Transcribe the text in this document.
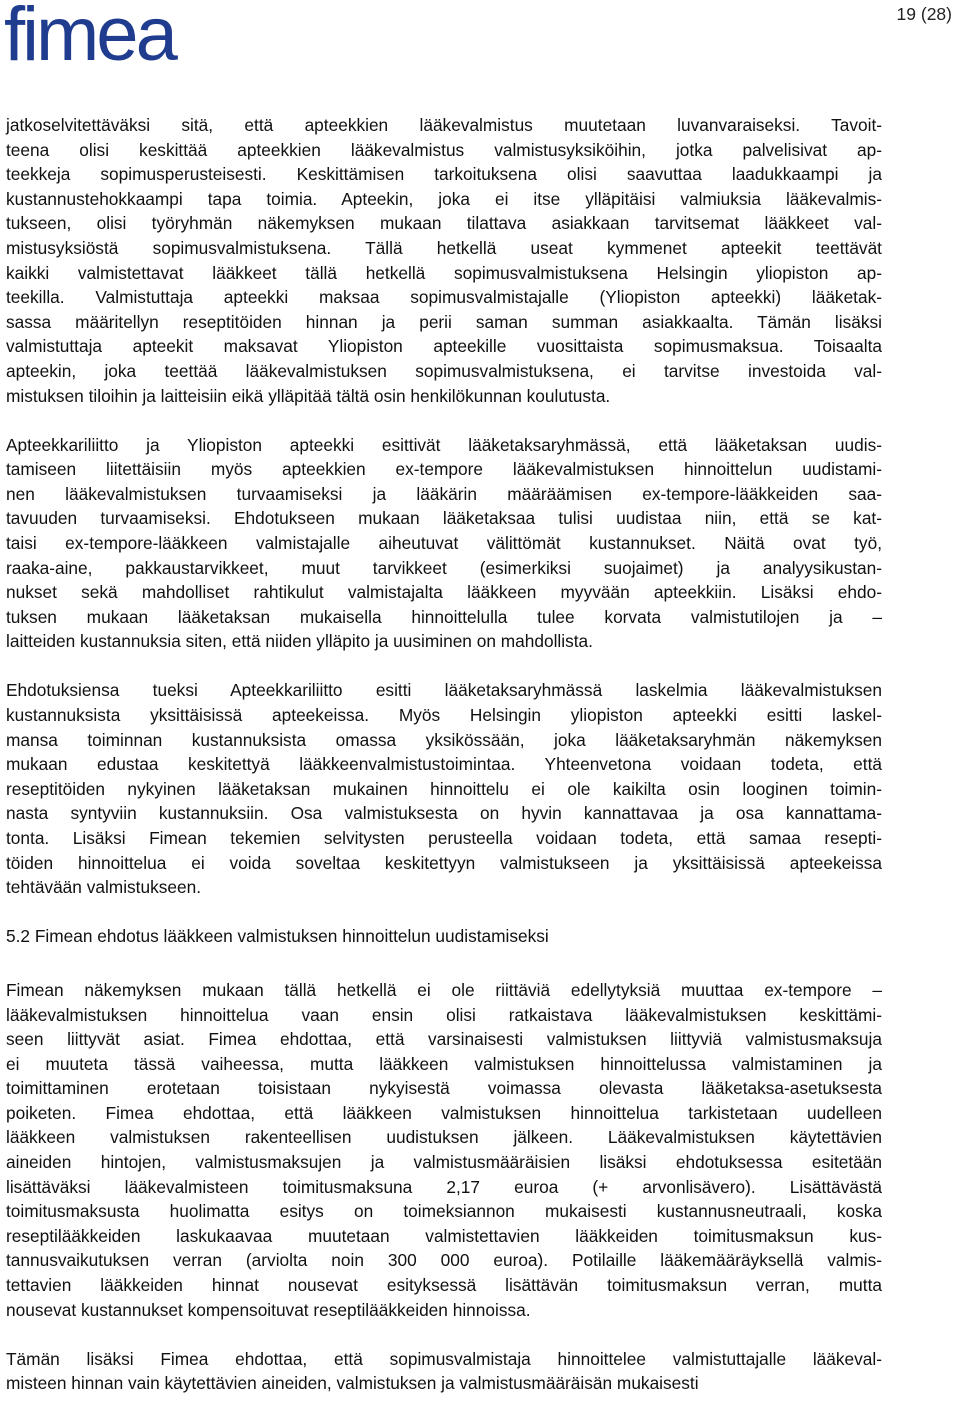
fimea	19 (28)
jatkoselvitettäväksi sitä, että apteekkien lääkevalmistus muutetaan luvanvaraiseksi. Tavoit-
teena olisi keskittää apteekkien lääkevalmistus valmistusyksiköihin, jotka palvelisivat ap-
teekkeja sopimusperusteisesti. Keskittämisen tarkoituksena olisi saavuttaa laadukkaampi ja
kustannustehokkaampi tapa toimia. Apteekin, joka ei itse ylläpitäisi valmiuksia lääkevalmis-
tukseen, olisi työryhmän näkemyksen mukaan tilattava asiakkaan tarvitsemat lääkkeet val-
mistusyksiöstä sopimusvalmistuksena. Tällä hetkellä useat kymmenet apteekit teettävät
kaikki valmistettavat lääkkeet tällä hetkellä sopimusvalmistuksena Helsingin yliopiston ap-
teekilla. Valmistuttaja apteekki maksaa sopimusvalmistajalle (Yliopiston apteekki) lääketak-
sassa määritellyn reseptitöiden hinnan ja perii saman summan asiakkaalta. Tämän lisäksi
valmistuttaja apteekit maksavat Yliopiston apteekille vuosittaista sopimusmaksua. Toisaalta
apteekin, joka teettää lääkevalmistuksen sopimusvalmistuksena, ei tarvitse investoida val-
mistuksen tiloihin ja laitteisiin eikä ylläpitää tältä osin henkilökunnan koulutusta.
Apteekkariliitto ja Yliopiston apteekki esittivät lääketaksaryhmässä, että lääketaksan uudis-
tamiseen liitettäisiin myös apteekkien ex-tempore lääkevalmistuksen hinnoittelun uudistami-
nen lääkevalmistuksen turvaamiseksi ja lääkärin määräämisen ex-tempore-lääkkeiden saa-
tavuuden turvaamiseksi. Ehdotukseen mukaan lääketaksaa tulisi uudistaa niin, että se kat-
taisi ex-tempore-lääkkeen valmistajalle aiheutuvat välittömät kustannukset. Näitä ovat työ,
raaka-aine, pakkaustarvikkeet, muut tarvikkeet (esimerkiksi suojaimet) ja analyysikustan-
nukset sekä mahdolliset rahtikulut valmistajalta lääkkeen myyvään apteekkiin. Lisäksi ehdo-
tuksen mukaan lääketaksan mukaisella hinnoittelulla tulee korvata valmistutilojen ja –
laitteiden kustannuksia siten, että niiden ylläpito ja uusiminen on mahdollista.
Ehdotuksiensa tueksi Apteekkariliitto esitti lääketaksaryhmässä laskelmia lääkevalmistuksen
kustannuksista yksittäisissä apteekeissa. Myös Helsingin yliopiston apteekki esitti laskel-
mansa toiminnan kustannuksista omassa yksikössään, joka lääketaksaryhmän näkemyksen
mukaan edustaa keskitettyä lääkkeenvalmistustoimintaa. Yhteenvetona voidaan todeta, että
reseptitöiden nykyinen lääketaksan mukainen hinnoittelu ei ole kaikilta osin looginen toimin-
nasta syntyviin kustannuksiin. Osa valmistuksesta on hyvin kannattavaa ja osa kannattama-
tonta. Lisäksi Fimean tekemien selvitysten perusteella voidaan todeta, että samaa resepti-
töiden hinnoittelua ei voida soveltaa keskitettyyn valmistukseen ja yksittäisissä apteekeissa
tehtävään valmistukseen.
5.2 Fimean ehdotus lääkkeen valmistuksen hinnoittelun uudistamiseksi
Fimean näkemyksen mukaan tällä hetkellä ei ole riittäviä edellytyksiä muuttaa ex-tempore –
lääkevalmistuksen hinnoittelua vaan ensin olisi ratkaistava lääkevalmistuksen keskittämi-
seen liittyvät asiat. Fimea ehdottaa, että varsinaisesti valmistuksen liittyviä valmistusmaksuja
ei muuteta tässä vaiheessa, mutta lääkkeen valmistuksen hinnoittelussa valmistaminen ja
toimittaminen erotetaan toisistaan nykyisestä voimassa olevasta lääketaksa-asetuksesta
poiketen. Fimea ehdottaa, että lääkkeen valmistuksen hinnoittelua tarkistetaan uudelleen
lääkkeen valmistuksen rakenteellisen uudistuksen jälkeen. Lääkevalmistuksen käytettävien
aineiden hintojen, valmistusmaksujen ja valmistusmääräisien lisäksi ehdotuksessa esitetään
lisättäväksi lääkevalmisteen toimitusmaksuna 2,17 euroa (+ arvonlisävero). Lisättävästä
toimitusmaksusta huolimatta esitys on toimeksiannon mukaisesti kustannusneutraali, koska
reseptilääkkeiden laskukaavaa muutetaan valmistettavien lääkkeiden toimitusmaksun kus-
tannusvaikutuksen verran (arviolta noin 300 000 euroa). Potilaille lääkemääräyksellä valmis-
tettavien lääkkeiden hinnat nousevat esityksessä lisättävän toimitusmaksun verran, mutta
nousevat kustannukset kompensoituvat reseptilääkkeiden hinnoissa.
Tämän lisäksi Fimea ehdottaa, että sopimusvalmistaja hinnoittelee valmistuttajalle lääkeval-
misteen hinnan vain käytettävien aineiden, valmistuksen ja valmistusmääräisän mukaisesti
